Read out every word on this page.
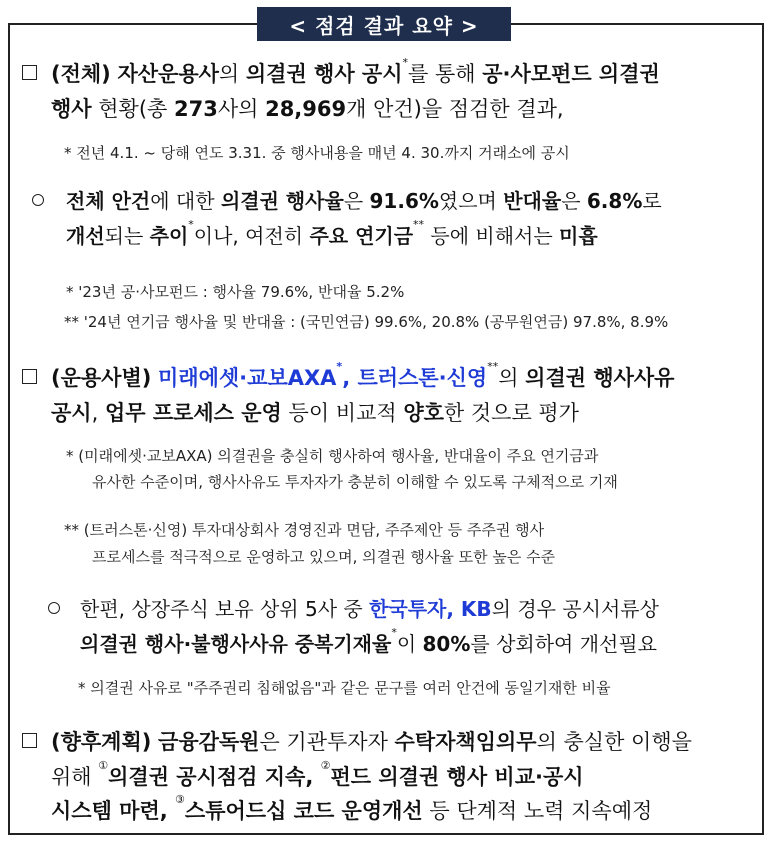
< 점검 결과 요약 >
(전체) 자산운용사의 의결권 행사 공시*를 통해 공·사모펀드 의결권
행사 현황(총 273사의 28,969개 안건)을 점검한 결과,
* 전년 4.1. ~ 당해 연도 3.31. 중 행사내용을 매년 4. 30.까지 거래소에 공시
전체 안건에 대한 의결권 행사율은 91.6%였으며 반대율은 6.8%로
개선되는 추이*이나, 여전히 주요 연기금** 등에 비해서는 미흡
* '23년 공·사모펀드 : 행사율 79.6%, 반대율 5.2%
** '24년 연기금 행사율 및 반대율 : (국민연금) 99.6%, 20.8% (공무원연금) 97.8%, 8.9%
(운용사별) 미래에셋·교보AXA*, 트러스톤·신영**의 의결권 행사사유
공시, 업무 프로세스 운영 등이 비교적 양호한 것으로 평가
* (미래에셋·교보AXA) 의결권을 충실히 행사하여 행사율, 반대율이 주요 연기금과
유사한 수준이며, 행사사유도 투자자가 충분히 이해할 수 있도록 구체적으로 기재
** (트러스톤·신영) 투자대상회사 경영진과 면담, 주주제안 등 주주권 행사
프로세스를 적극적으로 운영하고 있으며, 의결권 행사율 또한 높은 수준
한편, 상장주식 보유 상위 5사 중 한국투자, KB의 경우 공시서류상
의결권 행사·불행사사유 중복기재율*이 80%를 상회하여 개선필요
* 의결권 사유로 "주주권리 침해없음"과 같은 문구를 여러 안건에 동일기재한 비율
(향후계획) 금융감독원은 기관투자자 수탁자책임의무의 충실한 이행을
위해 ①의결권 공시점검 지속, ②펀드 의결권 행사 비교·공시
시스템 마련, ③스튜어드십 코드 운영개선 등 단계적 노력 지속예정
